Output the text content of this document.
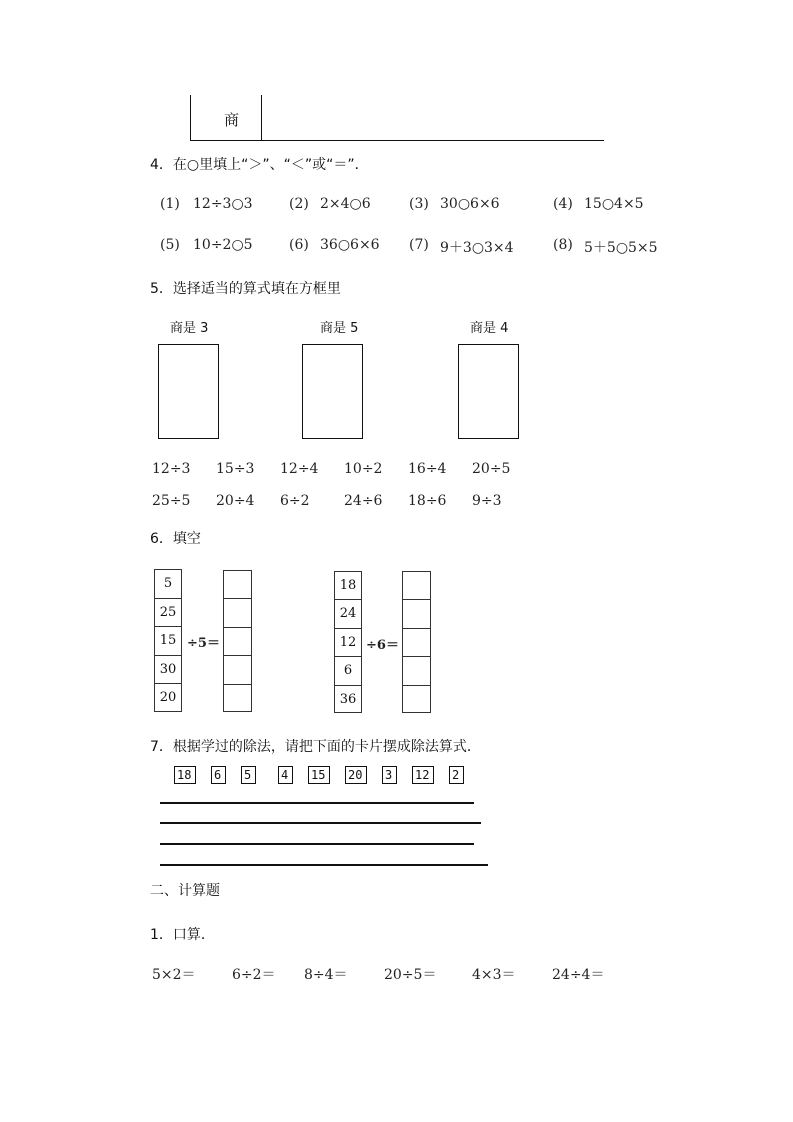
商
4．在○里填上“＞”、“＜”或“＝”．
(1) 12÷3○3	(2) 2×4○6	(3) 30○6×6	(4) 15○4×5
(5) 10÷2○5	(6) 36○6×6 (7) 9＋3○3×4	(8) 5＋5○5×5
5．选择适当的算式填在方框里
商是 3	商是 5	商是 4
12÷3 15÷3 12÷4 10÷2 16÷4 20÷5
25÷5 20÷4 6÷2 24÷6 18÷6 9÷3
6．填空
5
25
15
30
20
÷5＝
18
24
12
6
36
÷6＝
7．根据学过的除法，请把下面的卡片摆成除法算式．
18	6	5	4	15	20	3	12	2
二、计算题
1．口算．
5×2＝	6÷2＝ 8÷4＝	20÷5＝	4×3＝	24÷4＝
